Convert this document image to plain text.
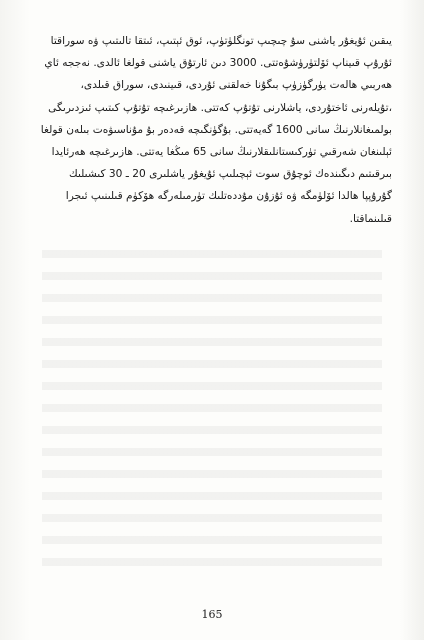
يىقىن ئۇيغۇر ياشنى سۇ چىچىپ تونگلۈتۈپ، ئوق ئېتىپ، ئىتقا تالىتىپ ۋە سوراقتا
ئۇرۇپ قىيناپ ئۆلتۈرۈشۇەتتى. 3000 دىن ئارتۇق ياشنى قولغا ئالدى. نەججە ئاي
ھەربىي ھالەت يۈرگۈزۈپ بىگۇنا خەلقنى ئۇردى، قىينىدى، سوراق قىلدى،
،تۇيلەرنى ئاختۇردى، ياشلارنى تۇتۇپ كەتتى. ھازىرغىچە تۇتۇپ كىتىپ ئىزدىرىگى
بولمىغانلارنىڭ سانى 1600 گەيەتتى. بۇگۈنگىچە قەدەر بۇ مۇناسىۋەت بىلەن قولغا
ئېلىنغان شەرقىي تۈركىستانلىقلارنىڭ سانى 65 مىڭغا يەتتى. ھازىرغىچە ھەرئايدا
بىرقىتىم دىگىندەك ئوچۇق سوت ئېچىلىپ ئۇيغۇر ياشلىرى 20 ـ 30 كىشىلىك
گۇرۇپپا ھالدا ئۆلۈمگە ۋە ئۇزۇن مۇددەتلىك تۈرمىلەرگە ھۆكۈم قىلىنىپ ئىجرا
قىلىنماقتا.
165
